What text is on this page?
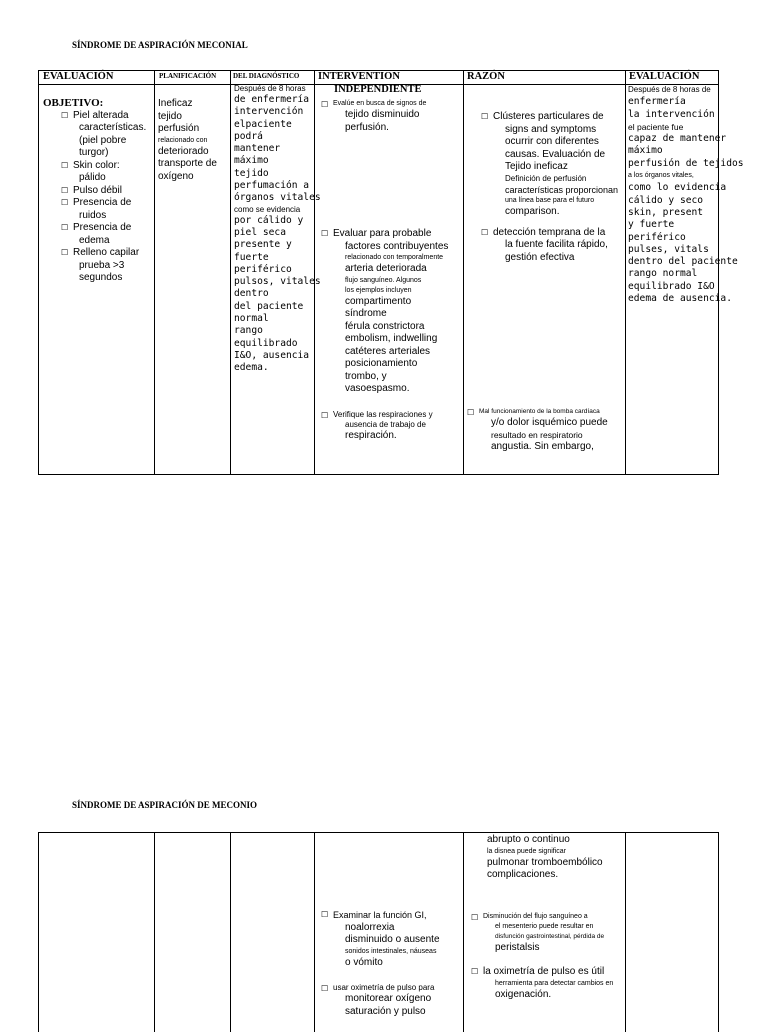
SÍNDROME DE ASPIRACIÓN MECONIAL
EVALUACIÓN	PLANIFICACIÓN DEL DIAGNÓSTICO INTERVENTION
INDEPENDIENTE
RAZÓN	EVALUACIÓN
OBJETIVO:
☐ Piel alterada
características.
(piel pobre
turgor)
☐ Skin color:
pálido
☐ Pulso débil
☐ Presencia de
ruidos
☐ Presencia de
edema
☐ Relleno capilar
prueba >3
segundos
Ineficaz
tejido
perfusión
relacionado con
deteriorado
transporte de
oxígeno
Después de 8 horas
de enfermería
intervención
elpaciente
podrá
mantener
máximo
tejido
perfumación a
órganos vitales
como se evidencia
por cálido y
piel seca
presente y
fuerte
periférico
pulsos, vitales
dentro
del paciente
normal
rango
equilibrado
I&O, ausencia
edema.
☐ Evalúe en busca de signos de
tejido disminuido
perfusión.
☐ Evaluar para probable
factores contribuyentes
relacionado con temporalmente
arteria deteriorada
flujo sanguíneo. Algunos
los ejemplos incluyen
compartimento
síndrome
férula constrictora
embolism, indwelling
catéteres arteriales
posicionamiento
trombo, y
vasoespasmo.
☐ Verifique las respiraciones y
ausencia de trabajo de
respiración.
☐ Clústeres particulares de
signs and symptoms
ocurrir con diferentes
causas. Evaluación de
Tejido ineficaz
Definición de perfusión
características proporcionan
una línea base para el futuro
comparison.
☐ detección temprana de la
la fuente facilita rápido,
gestión efectiva
☐ Mal funcionamiento de la bomba cardíaca
y/o dolor isquémico puede
resultado en respiratorio
angustia. Sin embargo,
Después de 8 horas de
enfermería
la intervención
el paciente fue
capaz de mantener
máximo
perfusión de tejidos
a los órganos vitales,
como lo evidencia
cálido y seco
skin, present
y fuerte
periférico
pulses, vitals
dentro del paciente
rango normal
equilibrado I&O
edema de ausencia.
SÍNDROME DE ASPIRACIÓN DE MECONIO
☐ Examinar la función GI,
noalorrexia
disminuido o ausente
sonidos intestinales, náuseas
o vómito
☐ usar oximetría de pulso para
monitorear oxígeno
saturación y pulso
abrupto o continuo
la disnea puede significar
pulmonar tromboembólico
complicaciones.
☐ Disminución del flujo sanguíneo a
el mesenterio puede resultar en
disfunción gastrointestinal, pérdida de
peristalsis
☐ la oximetría de pulso es útil
herramienta para detectar cambios en
oxigenación.
